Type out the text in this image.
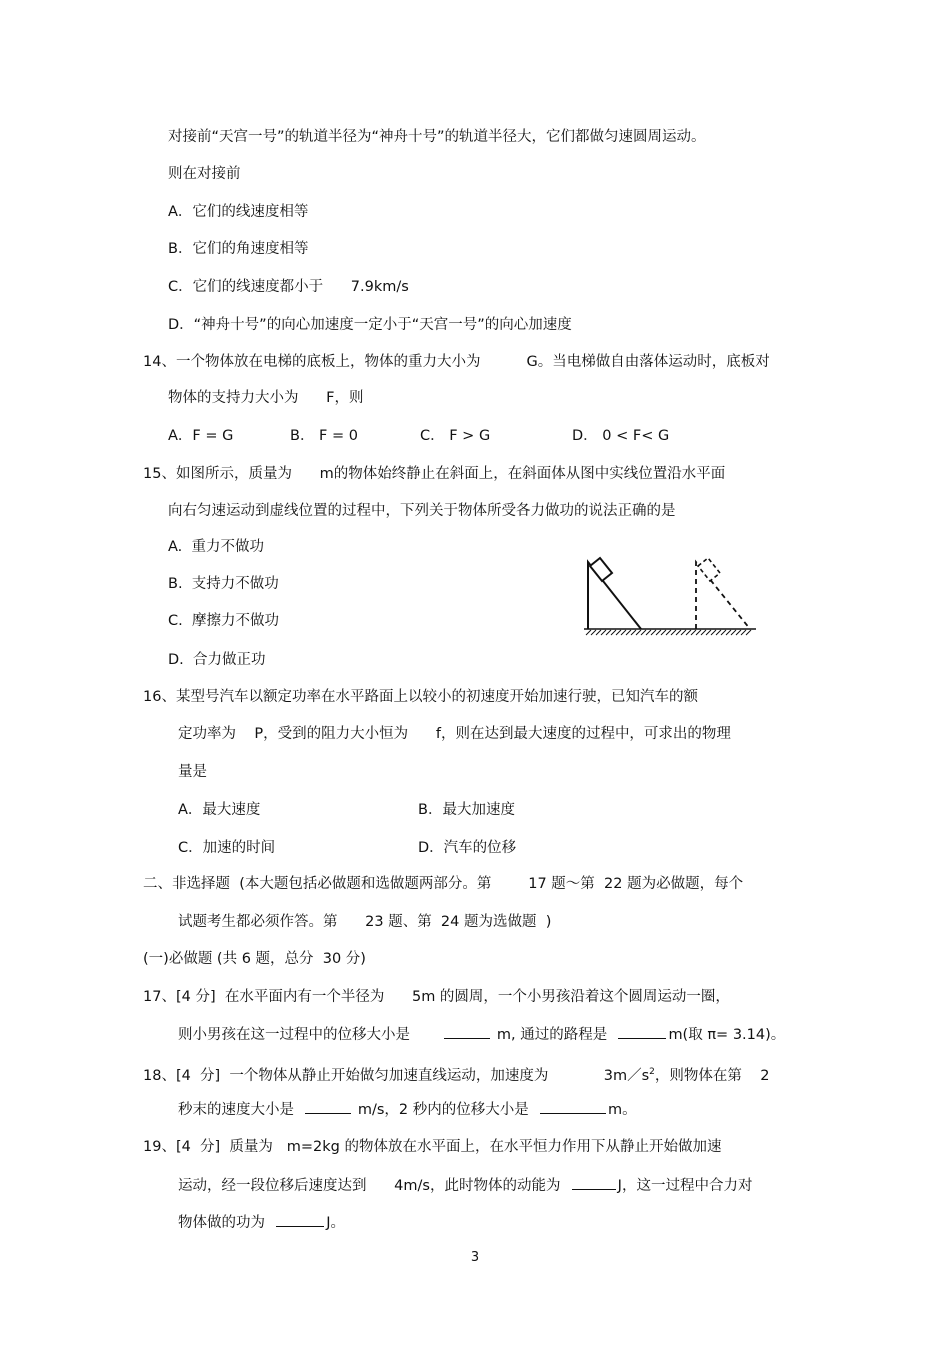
对接前“天宫一号”的轨道半径为“神舟十号”的轨道半径大，它们都做匀速圆周运动。
则在对接前
A．它们的线速度相等
B．它们的角速度相等
C．它们的线速度都小于      7.9km/s
D．“神舟十号”的向心加速度一定小于“天宫一号”的向心加速度
14、一个物体放在电梯的底板上，物体的重力大小为          G。当电梯做自由落体运动时，底板对
物体的支持力大小为      F，则
A．F = G	B． F = 0	C． F > G	D． 0 < F< G
15、如图所示，质量为      m的物体始终静止在斜面上，在斜面体从图中实线位置沿水平面
向右匀速运动到虚线位置的过程中，下列关于物体所受各力做功的说法正确的是
A.  重力不做功
B.  支持力不做功
C.  摩擦力不做功
D.  合力做正功
16、某型号汽车以额定功率在水平路面上以较小的初速度开始加速行驶，已知汽车的额
定功率为    P，受到的阻力大小恒为      f，则在达到最大速度的过程中，可求出的物理
量是
A．最大速度	B．最大加速度
C．加速的时间	D．汽车的位移
二、非选择题  (本大题包括必做题和选做题两部分。第        17 题～第  22 题为必做题，每个
试题考生都必须作答。第      23 题、第  24 题为选做题  )
(一)必做题 (共 6 题，总分  30 分)
17、[4 分]  在水平面内有一个半径为      5m 的圆周，一个小男孩沿着这个圆周运动一圈，
则小男孩在这一过程中的位移大小是	m, 通过的路程是	m(取 π= 3.14)。
18、[4  分]  一个物体从静止开始做匀加速直线运动，加速度为            $3m/s^2$，则物体在第    2
秒末的速度大小是	m/s，2 秒内的位移大小是	m。
19、[4  分]  质量为   m=2kg 的物体放在水平面上，在水平恒力作用下从静止开始做加速
运动，经一段位移后速度达到      4m/s，此时物体的动能为	J，这一过程中合力对
物体做的功为	J。
3
